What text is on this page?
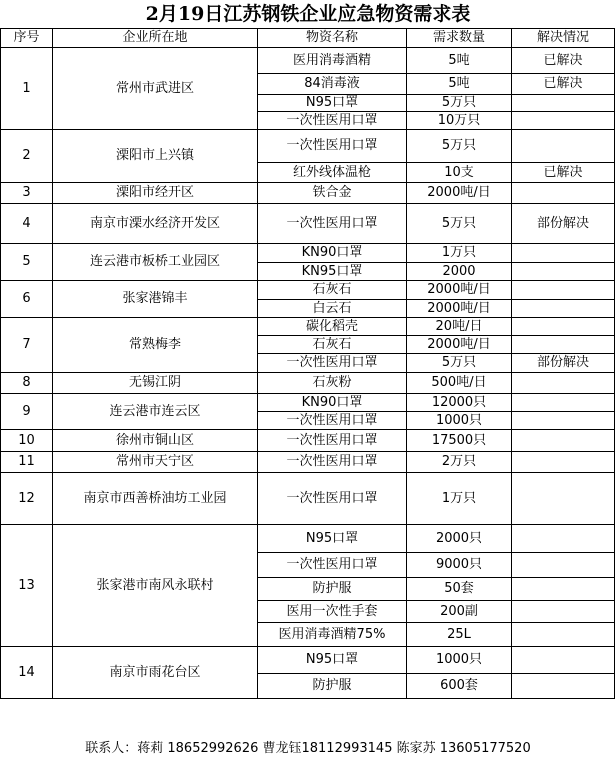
2月19日江苏钢铁企业应急物资需求表
序号	企业所在地	物资名称	需求数量	解决情况
1	常州市武进区	医用消毒酒精	5吨	已解决
		84消毒液	5吨	已解决
		N95口罩	5万只	
		一次性医用口罩	10万只	
2	溧阳市上兴镇	一次性医用口罩	5万只	
		红外线体温枪	10支	已解决
3	溧阳市经开区	铁合金	2000吨/日	
4	南京市溧水经济开发区	一次性医用口罩	5万只	部份解决
5	连云港市板桥工业园区	KN90口罩	1万只	
		KN95口罩	2000	
6	张家港锦丰	石灰石	2000吨/日	
		白云石	2000吨/日	
7	常熟梅李	碳化稻壳	20吨/日	
		石灰石	2000吨/日	
		一次性医用口罩	5万只	部份解决
8	无锡江阴	石灰粉	500吨/日	
9	连云港市连云区	KN90口罩	12000只	
		一次性医用口罩	1000只	
10	徐州市铜山区	一次性医用口罩	17500只	
11	常州市天宁区	一次性医用口罩	2万只	
12	南京市西善桥油坊工业园	一次性医用口罩	1万只	
13	张家港市南风永联村	N95口罩	2000只	
		一次性医用口罩	9000只	
		防护服	50套	
		医用一次性手套	200副	
		医用消毒酒精75%	25L	
14	南京市雨花台区	N95口罩	1000只	
		防护服	600套	
联系人：蒋莉 18652992626 曹龙钰18112993145 陈家苏 13605177520
